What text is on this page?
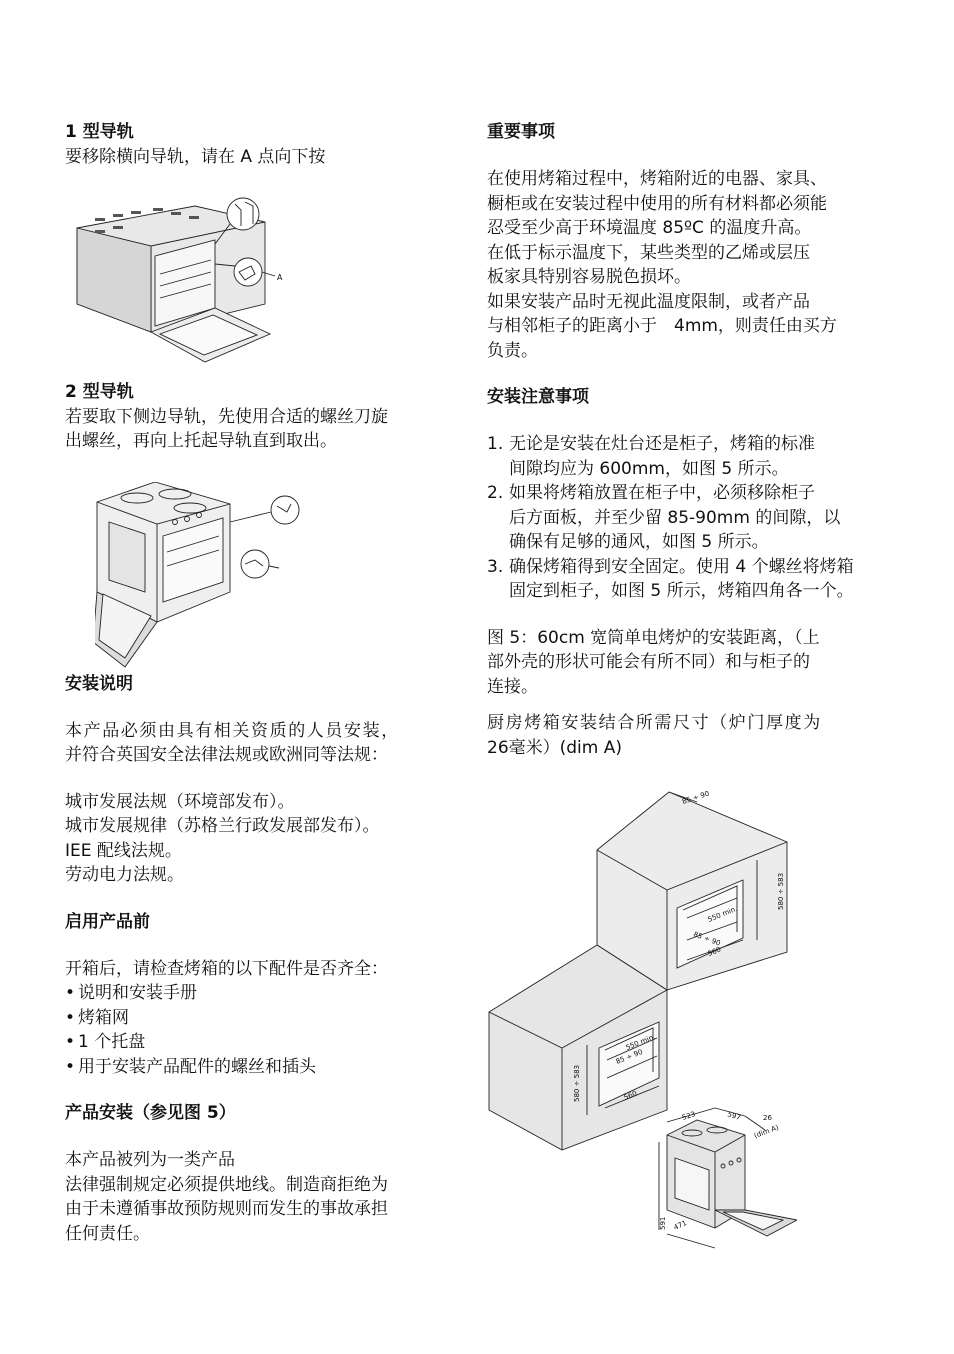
1 型导轨

要移除横向导轨，请在 A 点向下按

A

2 型导轨

若要取下侧边导轨，先使用合适的螺丝刀旋

出螺丝，再向上托起导轨直到取出。

安装说明

本产品必须由具有相关资质的人员安装，

并符合英国安全法律法规或欧洲同等法规：

城市发展法规（环境部发布）。

城市发展规律（苏格兰行政发展部发布）。

IEE 配线法规。

劳动电力法规。

启用产品前

开箱后，请检查烤箱的以下配件是否齐全：

• 说明和安装手册
• 烤箱网
• 1 个托盘
• 用于安装产品配件的螺丝和插头

产品安装（参见图 5）

本产品被列为一类产品

法律强制规定必须提供地线。制造商拒绝为

由于未遵循事故预防规则而发生的事故承担

任何责任。

重要事项

在使用烤箱过程中，烤箱附近的电器、家具、

橱柜或在安装过程中使用的所有材料都必须能

忍受至少高于环境温度 85ºC 的温度升高。

在低于标示温度下，某些类型的乙烯或层压

板家具特别容易脱色损坏。

如果安装产品时无视此温度限制，或者产品

与相邻柜子的距离小于　4mm，则责任由买方

负责。

安装注意事项

1. 无论是安装在灶台还是柜子，烤箱的标准
间隙均应为 600mm，如图 5 所示。
2. 如果将烤箱放置在柜子中，必须移除柜子
后方面板，并至少留 85-90mm 的间隙，以
确保有足够的通风，如图 5 所示。
3. 确保烤箱得到安全固定。使用 4 个螺丝将烤箱
固定到柜子，如图 5 所示，烤箱四角各一个。

图 5：60cm 宽筒单电烤炉的安装距离，（上

部外壳的形状可能会有所不同）和与柜子的

连接。

厨房烤箱安装结合所需尺寸（炉门厚度为

26毫米）(dim A)

85 ÷ 90
580 ÷ 583
550 min.
85 ÷ 90
560
550 min.
85 ÷ 90
580 ÷ 583	560
523	597	26
(dim A)
591 471
